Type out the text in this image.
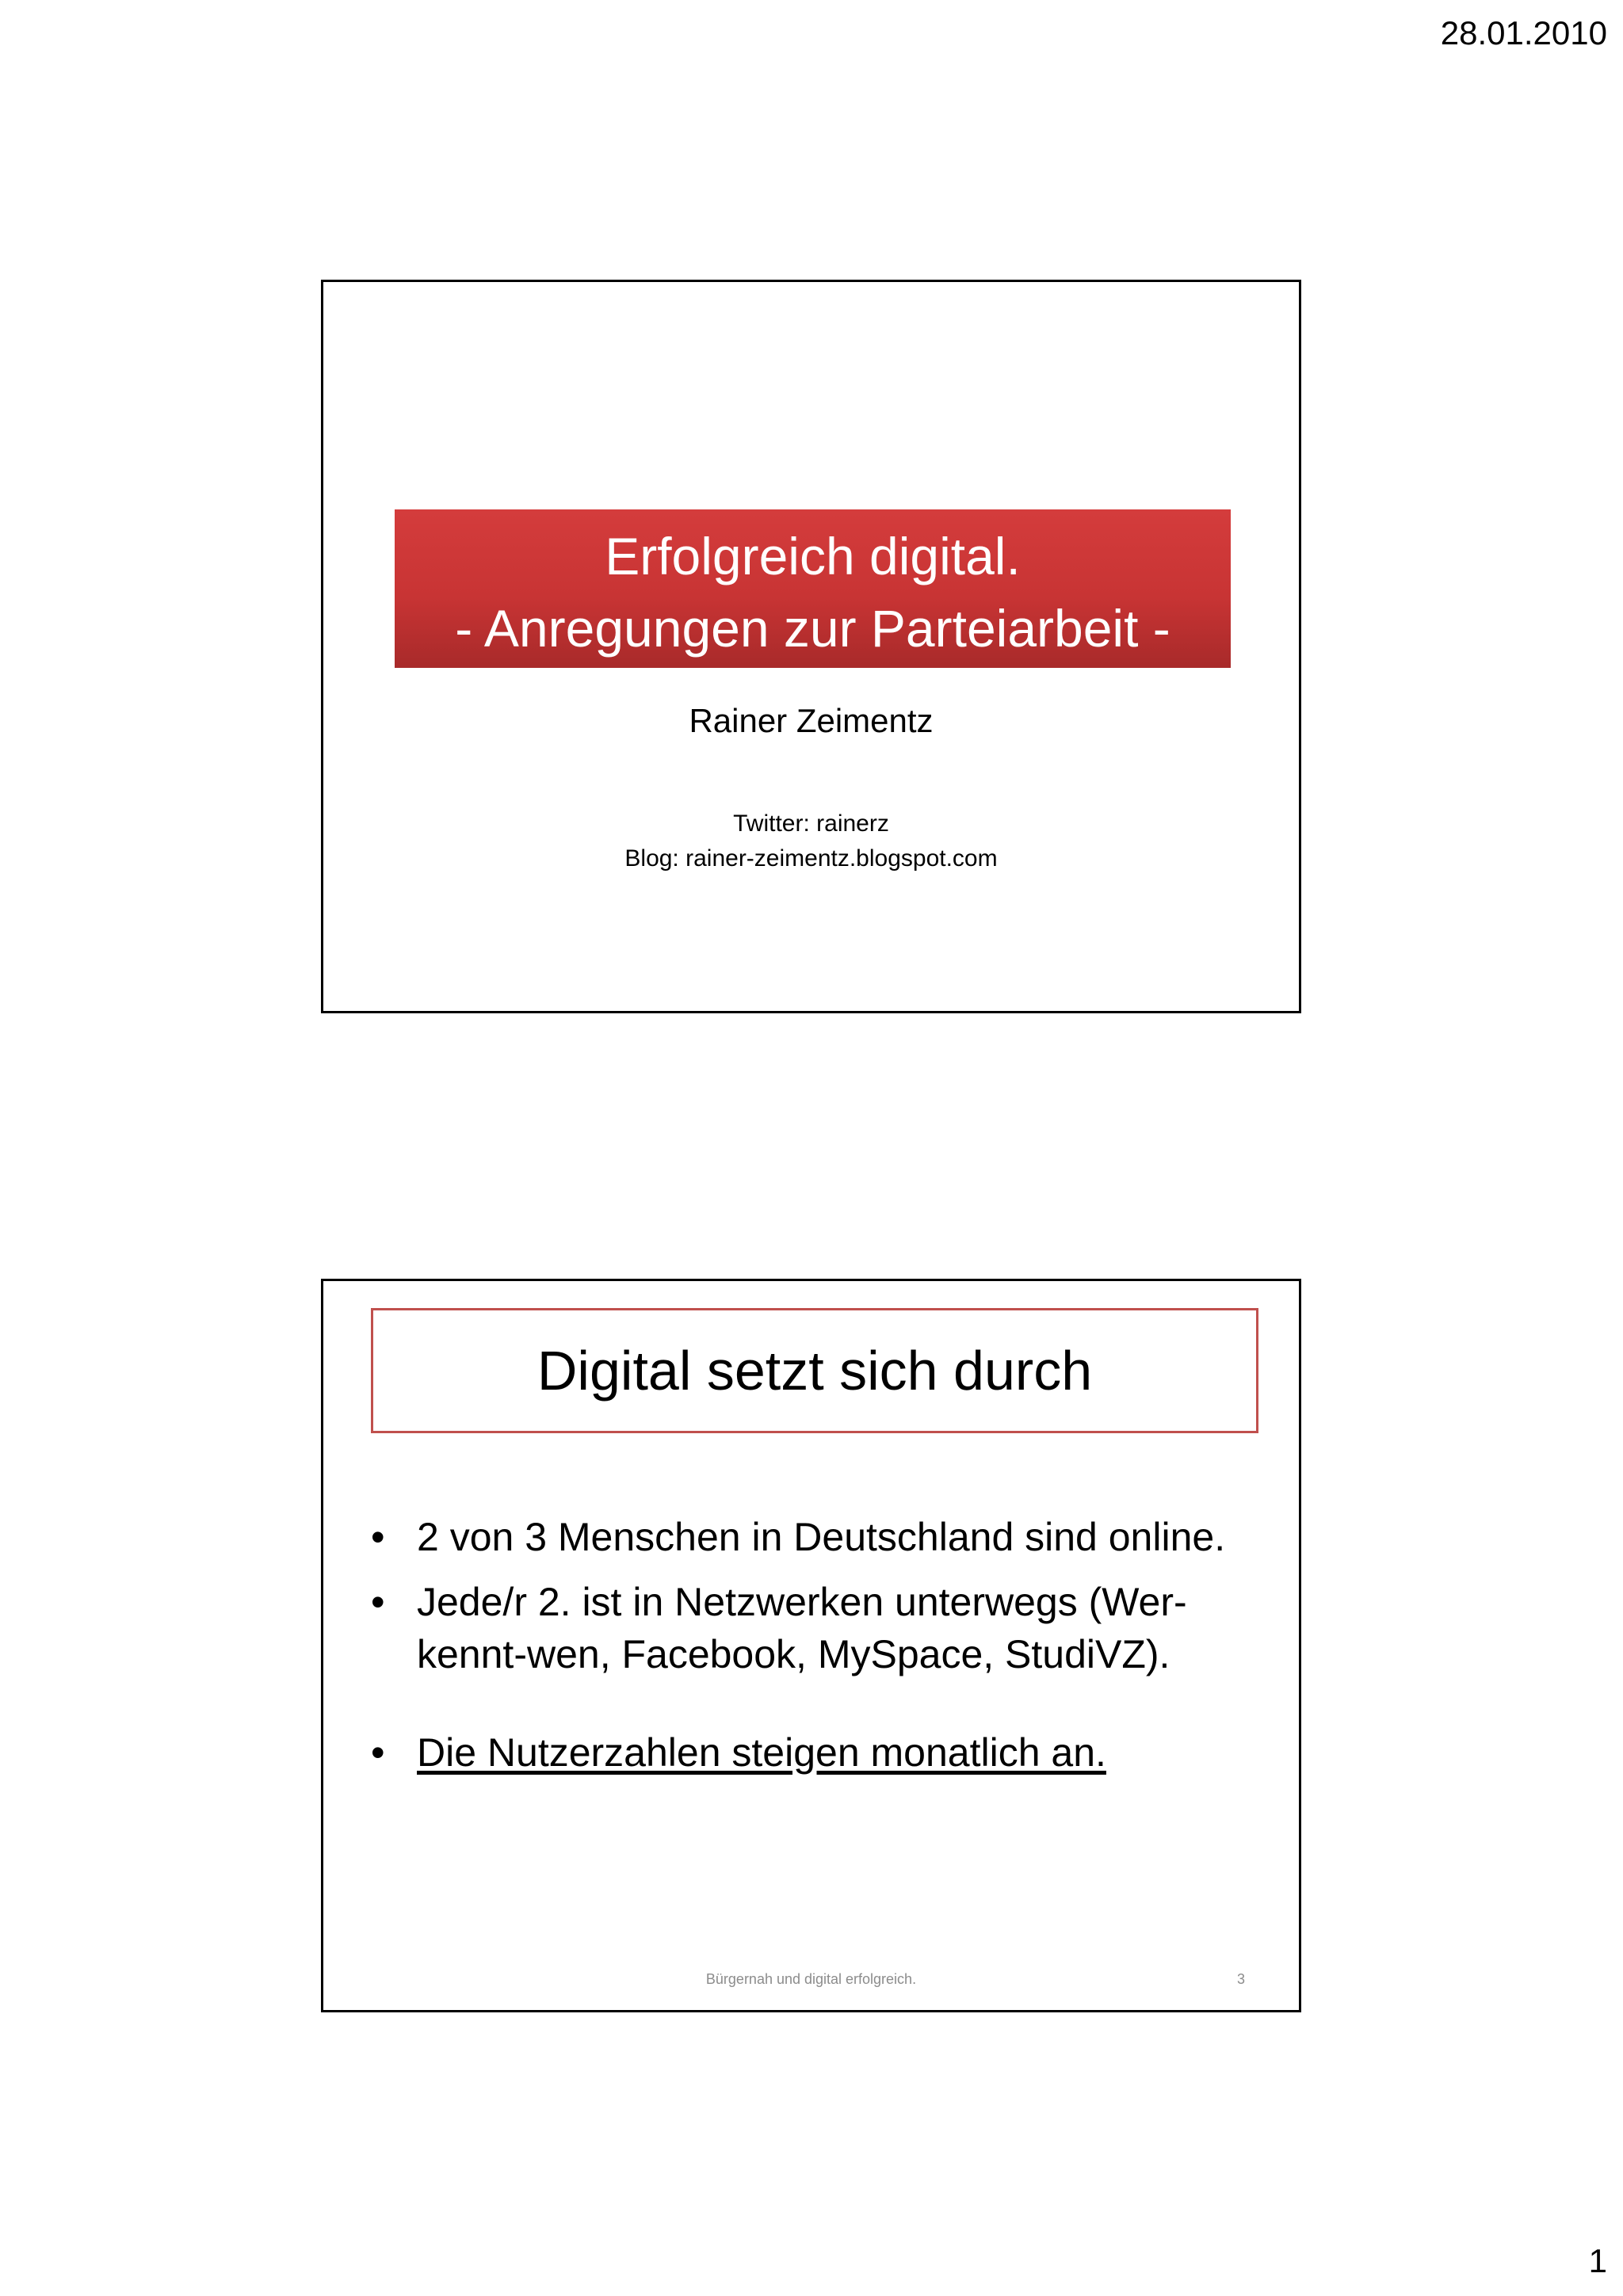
28.01.2010
Erfolgreich digital.
- Anregungen zur Parteiarbeit -
Rainer Zeimentz
Twitter: rainerz
Blog: rainer-zeimentz.blogspot.com
Digital setzt sich durch
• 2 von 3 Menschen in Deutschland sind online.
• Jede/r 2. ist in Netzwerken unterwegs (Wer-
kennt-wen, Facebook, MySpace, StudiVZ).
• Die Nutzerzahlen steigen monatlich an.
Bürgernah und digital erfolgreich.	3
1
